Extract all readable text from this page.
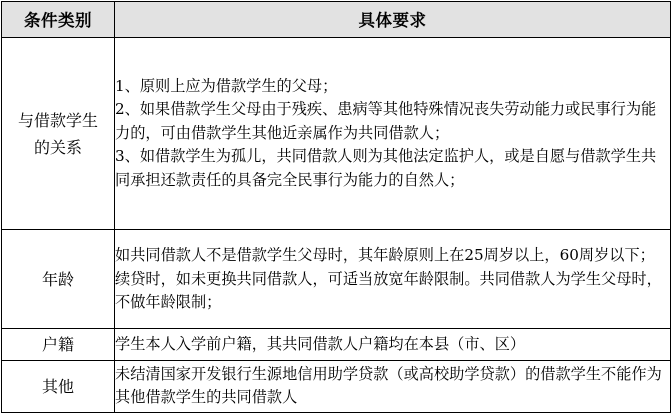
条件类别	具体要求
与借款学生的关系	1、原则上应为借款学生的父母；

2、如果借款学生父母由于残疾、患病等其他特殊情况丧失劳动能力或民事行为能力的，可由借款学生其他近亲属作为共同借款人；

3、如借款学生为孤儿，共同借款人则为其他法定监护人，或是自愿与借款学生共同承担还款责任的具备完全民事行为能力的自然人；

年龄	如共同借款人不是借款学生父母时，其年龄原则上在25周岁以上，60周岁以下；续贷时，如未更换共同借款人，可适当放宽年龄限制。共同借款人为学生父母时，不做年龄限制；
户籍	学生本人入学前户籍，其共同借款人户籍均在本县（市、区）
其他	未结清国家开发银行生源地信用助学贷款（或高校助学贷款）的借款学生不能作为其他借款学生的共同借款人
